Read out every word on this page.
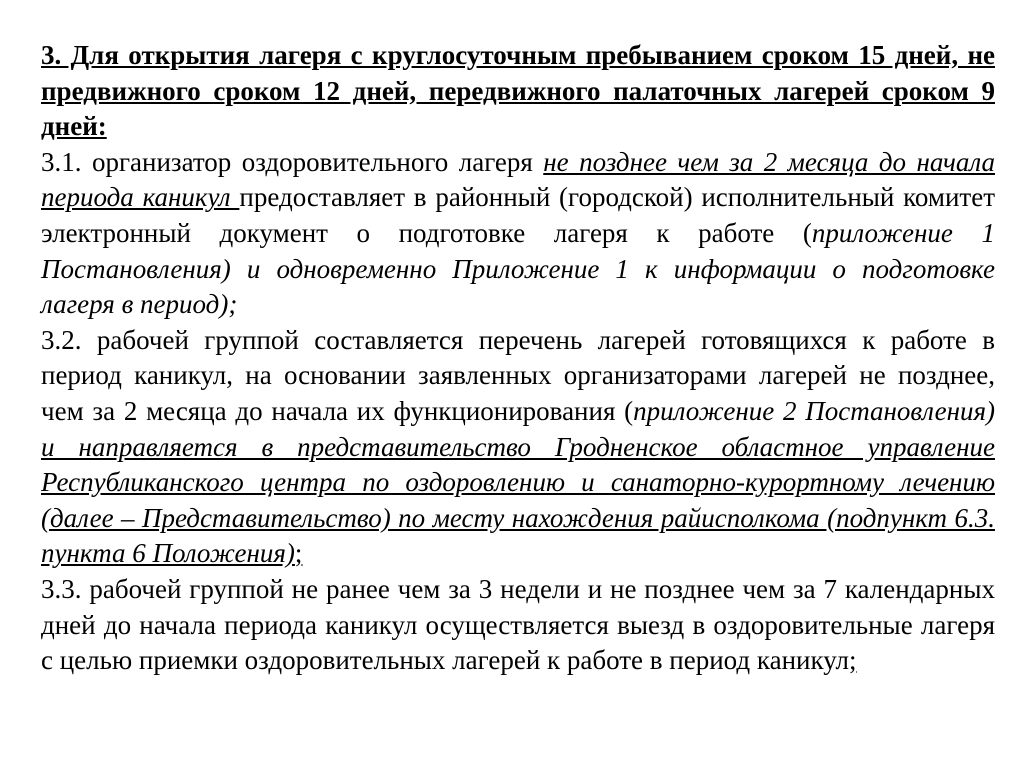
3. Для открытия лагеря с круглосуточным пребыванием сроком 15 дней, не предвижного сроком 12 дней, передвижного палаточных лагерей сроком 9 дней:

3.1. организатор оздоровительного лагеря не позднее чем за 2 месяца до начала периода каникул предоставляет в районный (городской) исполнительный комитет электронный документ о подготовке лагеря к работе (приложение 1 Постановления) и одновременно Приложение 1 к информации о подготовке лагеря в период);

3.2. рабочей группой составляется перечень лагерей готовящихся к работе в период каникул, на основании заявленных организаторами лагерей не позднее, чем за 2 месяца до начала их функционирования (приложение 2 Постановления) и направляется в представительство Гродненское областное управление Республиканского центра по оздоровлению и санаторно-курортному лечению (далее – Представительство) по месту нахождения райисполкома (подпункт 6.3. пункта 6 Положения);

3.3. рабочей группой не ранее чем за 3 недели и не позднее чем за 7 календарных дней до начала периода каникул осуществляется выезд в оздоровительные лагеря с целью приемки оздоровительных лагерей к работе в период каникул;
